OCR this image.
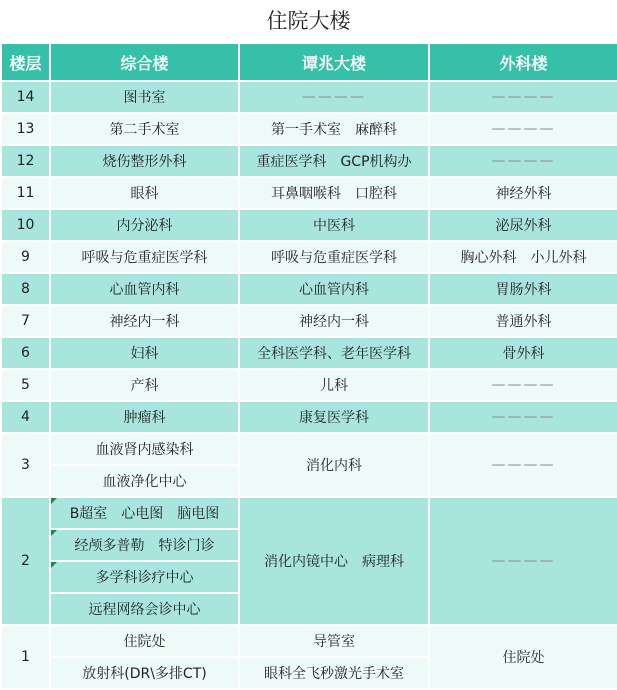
住院大楼
楼层	综合楼	谭兆大楼	外科楼
14	图书室	————	————
13	第二手术室	第一手术室 麻醉科	————
12	烧伤整形外科	重症医学科 GCP机构办	————
11	眼科	耳鼻咽喉科 口腔科	神经外科
10	内分泌科	中医科	泌尿外科
9	呼吸与危重症医学科	呼吸与危重症医学科	胸心外科 小儿外科
8	心血管内科	心血管内科	胃肠外科
7	神经内一科	神经内一科	普通外科
6	妇科	全科医学科、老年医学科	骨外科
5	产科	儿科	————
4	肿瘤科	康复医学科	————
3	血液肾内感染科	消化内科	————
	血液净化中心		
2	B超室 心电图 脑电图	消化内镜中心 病理科	————
	经颅多普勒 特诊门诊		
	多学科诊疗中心		
	远程网络会诊中心		
1	住院处	导管室	住院处
	放射科(DR\多排CT)	眼科全飞秒激光手术室	
